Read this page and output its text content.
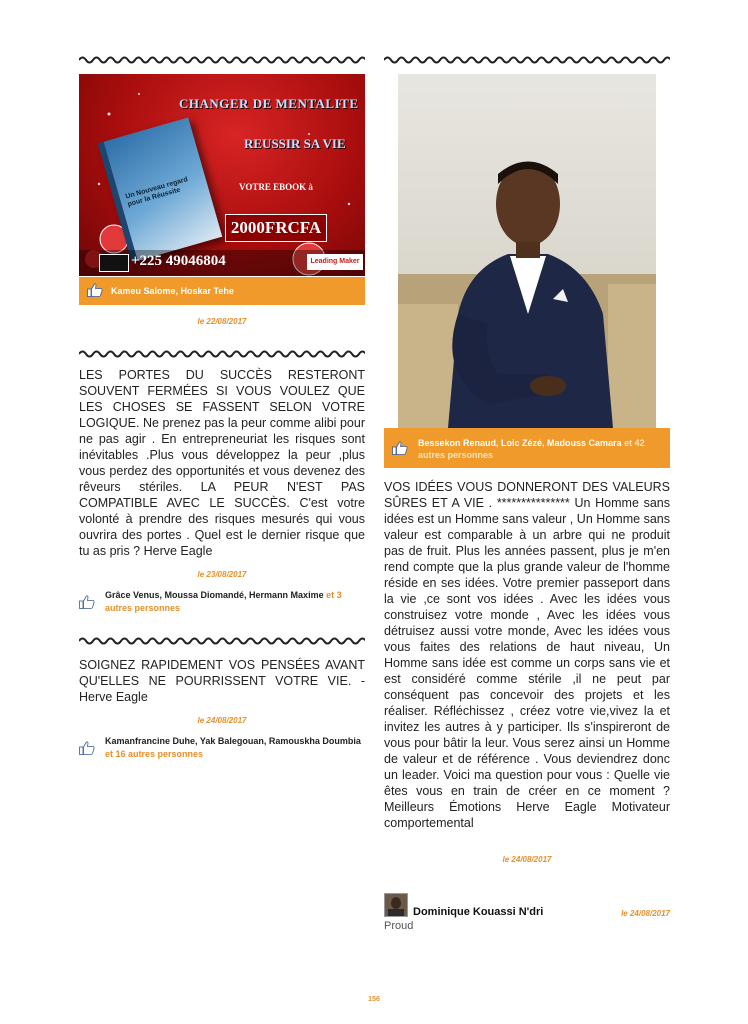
Un Nouveau regard pour la Réussite
CHANGER DE MENTALITE
REUSSIR SA VIE
VOTRE EBOOK à
2000FRCFA
+225 49046804	Leading Maker
Kameu Salome, Hoskar Tehe
le 22/08/2017
LES PORTES DU SUCCÈS RESTERONT SOUVENT FERMÉES SI VOUS VOULEZ QUE LES CHOSES SE FASSENT SELON VOTRE LOGIQUE. Ne prenez pas la peur comme alibi pour ne pas agir . En entrepreneuriat les risques sont inévitables .Plus vous développez la peur ,plus vous perdez des opportunités et vous devenez des rêveurs stériles. LA PEUR N'EST PAS COMPATIBLE AVEC LE SUCCÈS. C'est votre volonté à prendre des risques mesurés qui vous ouvrira des portes . Quel est le dernier risque que tu as pris ? Herve Eagle
le 23/08/2017
Grâce Venus, Moussa Diomandé, Hermann Maxime et 3 autres personnes
SOIGNEZ RAPIDEMENT VOS PENSÉES AVANT QU'ELLES NE POURRISSENT VOTRE VIE. -Herve Eagle
le 24/08/2017
Kamanfrancine Duhe, Yak Balegouan, Ramouskha Doumbia et 16 autres personnes
Bessekon Renaud, Loic Zézé, Madouss Camara et 42 autres personnes
VOS IDÉES VOUS DONNERONT DES VALEURS SÛRES ET A VIE . *************** Un Homme sans idées est un Homme sans valeur , Un Homme sans valeur est comparable à un arbre qui ne produit pas de fruit. Plus les années passent, plus je m'en rend compte que la plus grande valeur de l'homme réside en ses idées. Votre premier passeport dans la vie ,ce sont vos idées . Avec les idées vous construisez votre monde , Avec les idées vous détruisez aussi votre monde, Avec les idées vous vous faites des relations de haut niveau, Un Homme sans idée est comme un corps sans vie et est considéré comme stérile ,il ne peut par conséquent pas concevoir des projets et les réaliser. Réfléchissez , créez votre vie,vivez la et invitez les autres à y participer. Ils s'inspireront de vous pour bâtir la leur. Vous serez ainsi un Homme de valeur et de référence . Vous deviendrez donc un leader. Voici ma question pour vous : Quelle vie êtes vous en train de créer en ce moment ? Meilleurs Émotions Herve Eagle Motivateur comportemental
le 24/08/2017
Dominique Kouassi N'dri	le 24/08/2017
Proud
156
